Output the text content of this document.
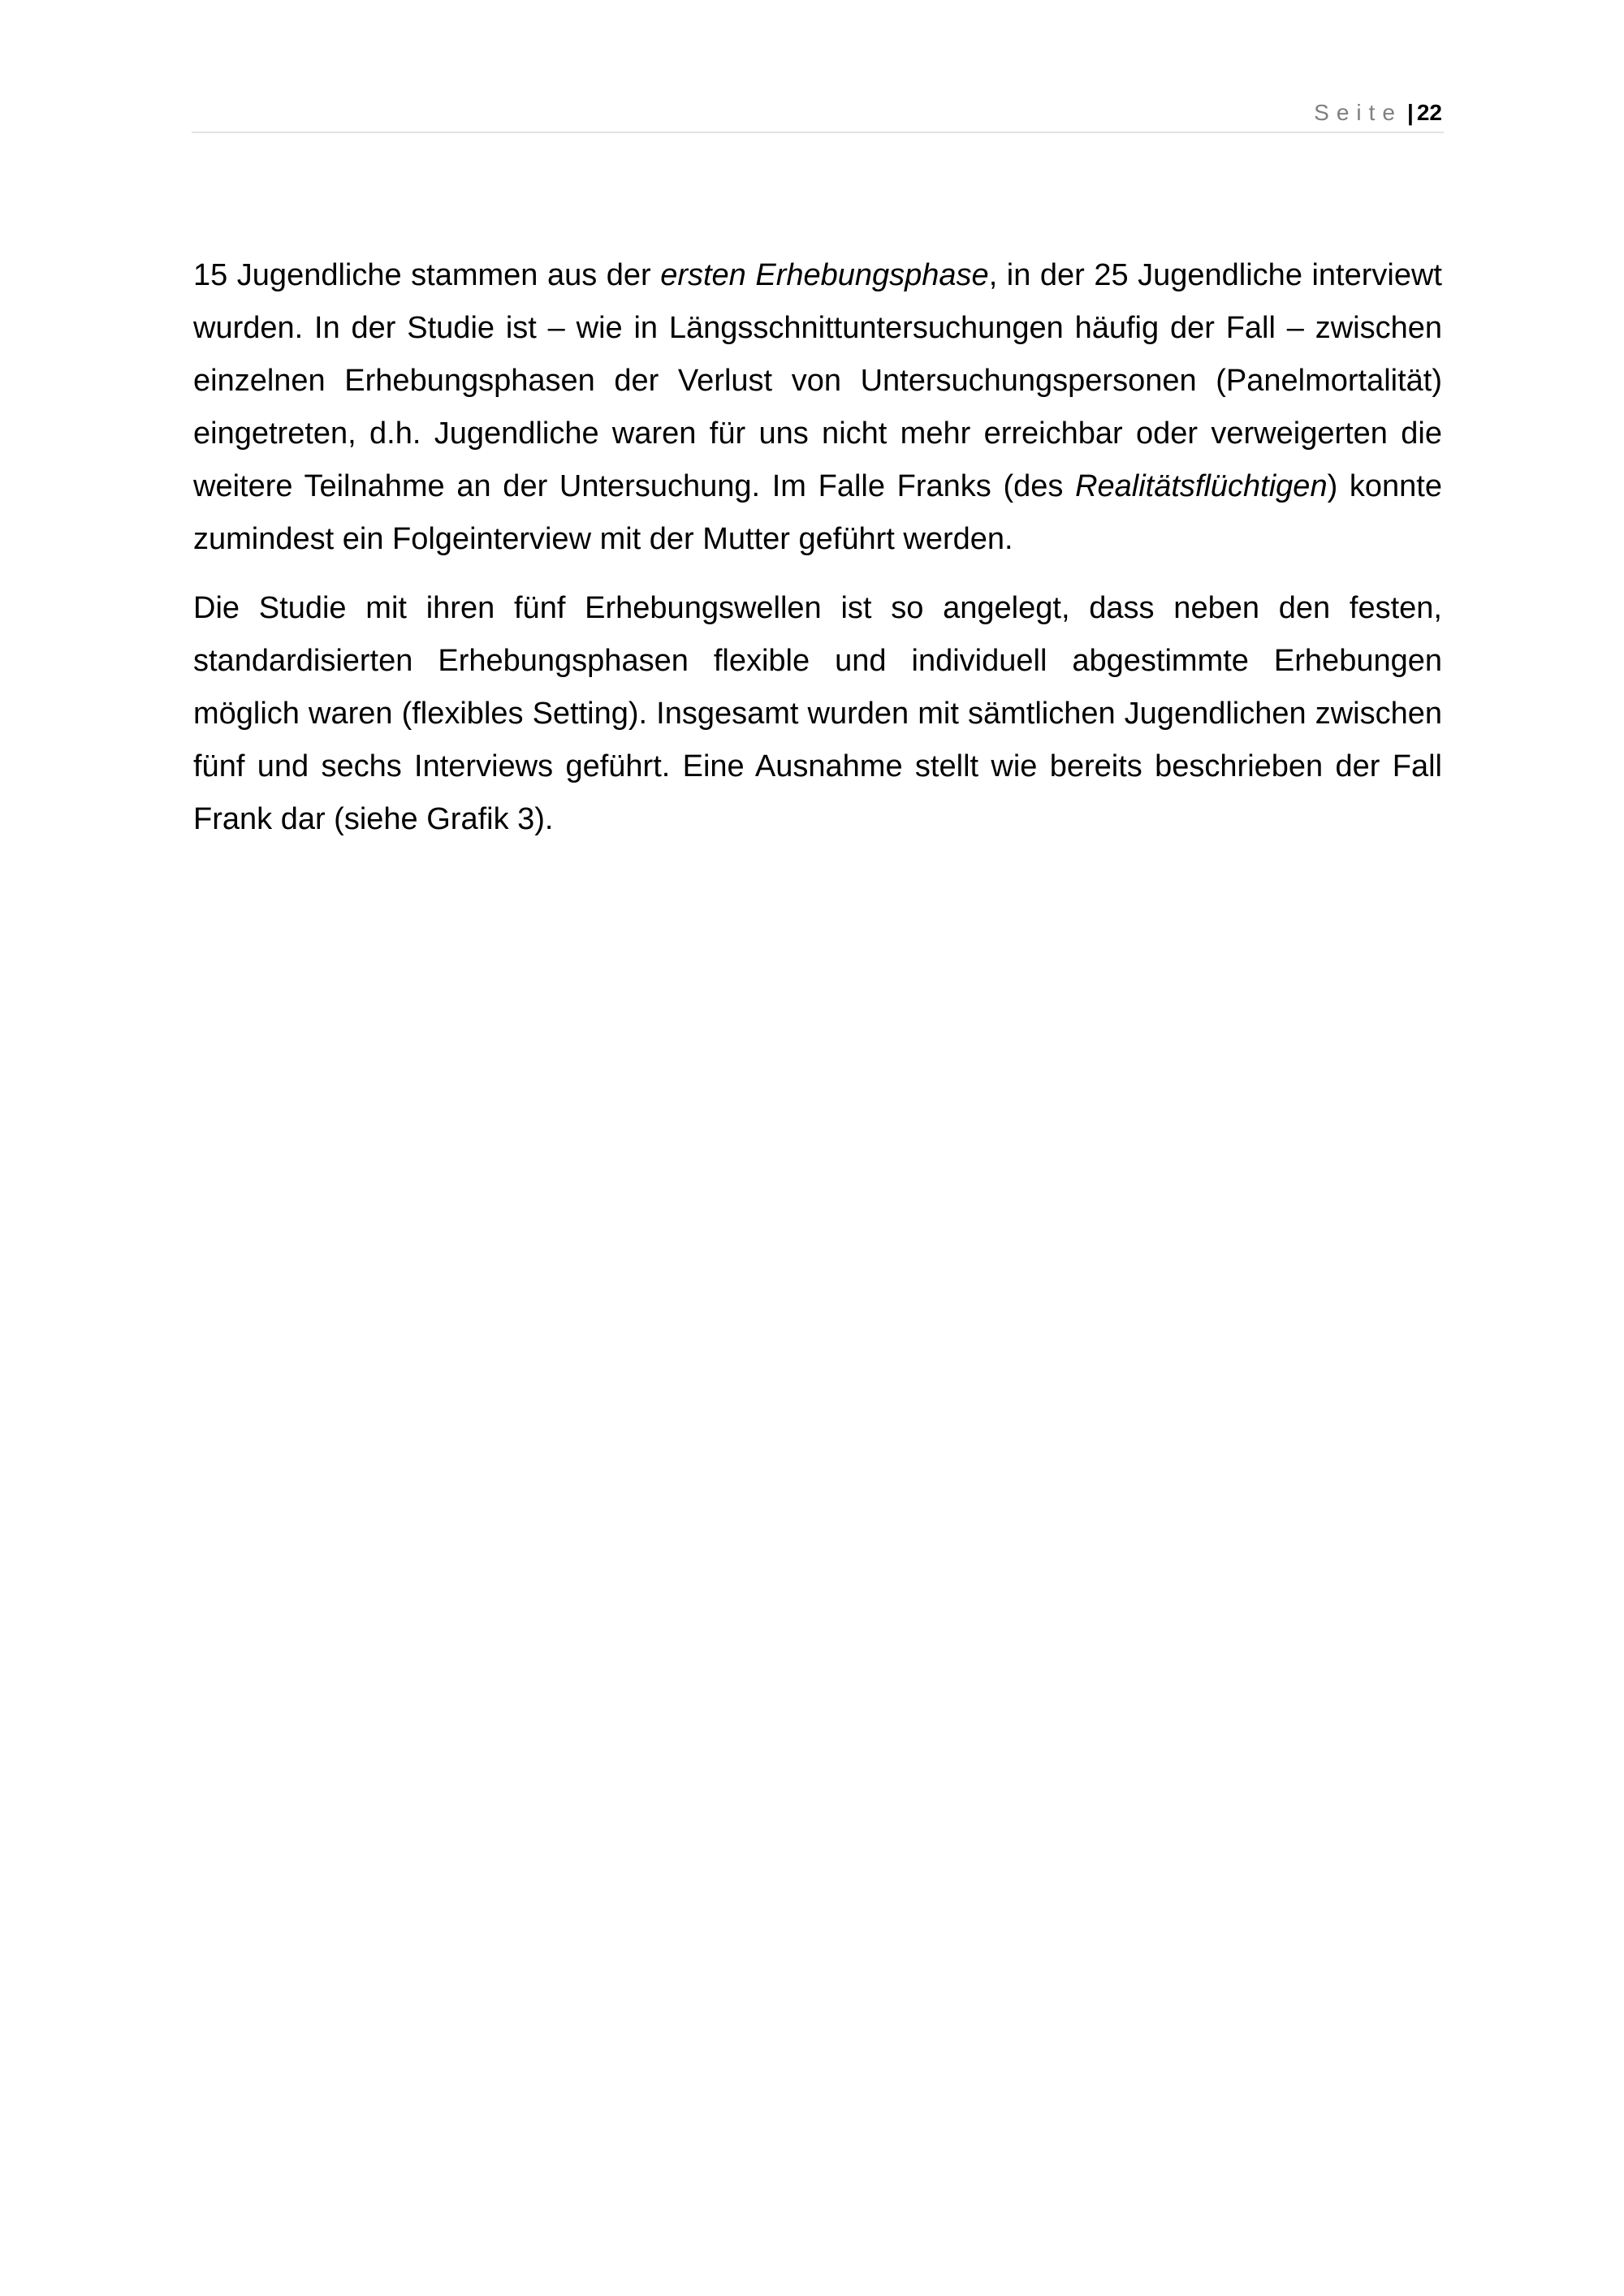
Seite | 22

15 Jugendliche stammen aus der ersten Erhebungsphase, in der 25 Jugendliche interviewt wurden. In der Studie ist – wie in Längsschnittuntersuchungen häufig der Fall – zwischen einzelnen Erhebungsphasen der Verlust von Untersuchungspersonen (Panelmortalität) eingetreten, d.h. Jugendliche waren für uns nicht mehr erreichbar oder verweigerten die weitere Teilnahme an der Untersuchung. Im Falle Franks (des Realitätsflüchtigen) konnte zumindest ein Folgeinterview mit der Mutter geführt werden.

Die Studie mit ihren fünf Erhebungswellen ist so angelegt, dass neben den festen, standardisierten Erhebungsphasen flexible und individuell abgestimmte Erhebungen möglich waren (flexibles Setting). Insgesamt wurden mit sämtlichen Jugendlichen zwischen fünf und sechs Interviews geführt. Eine Ausnahme stellt wie bereits beschrieben der Fall Frank dar (siehe Grafik 3).
